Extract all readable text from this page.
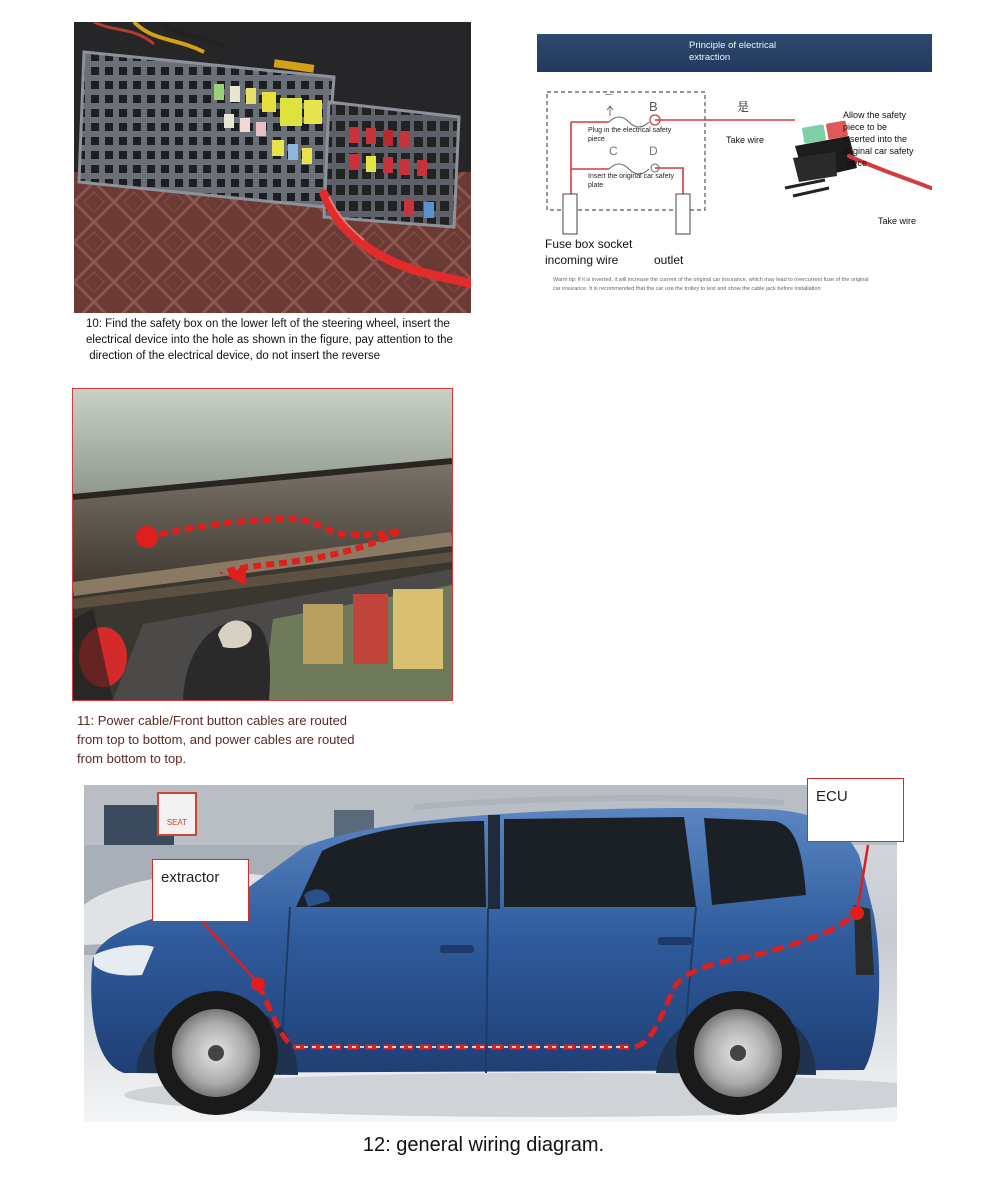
10: Find the safety box on the lower left of the steering wheel, insert the
electrical device into the hole as shown in the figure, pay attention to the
direction of the electrical device, do not insert the reverse
Principle of electrical
extraction
—
B
C	D
是
Plug in the electrical safety
piece
Insert the original car safety
plate
Take wire
Allow the safety
piece to be
inserted into the
original car safety
piece
Take wire
Fuse box socket
incoming wire	outlet
Warm tip: if it is inverted, it will increase the current of the original car insurance, which may lead to overcurrent fuse of the original
car insurance. It is recommended that the car use the trolley to test and show the cable jack before installation
11: Power cable/Front button cables are routed
from top to bottom, and power cables are routed
from bottom to top.
SEAT
extractor
ECU
12: general wiring diagram.
